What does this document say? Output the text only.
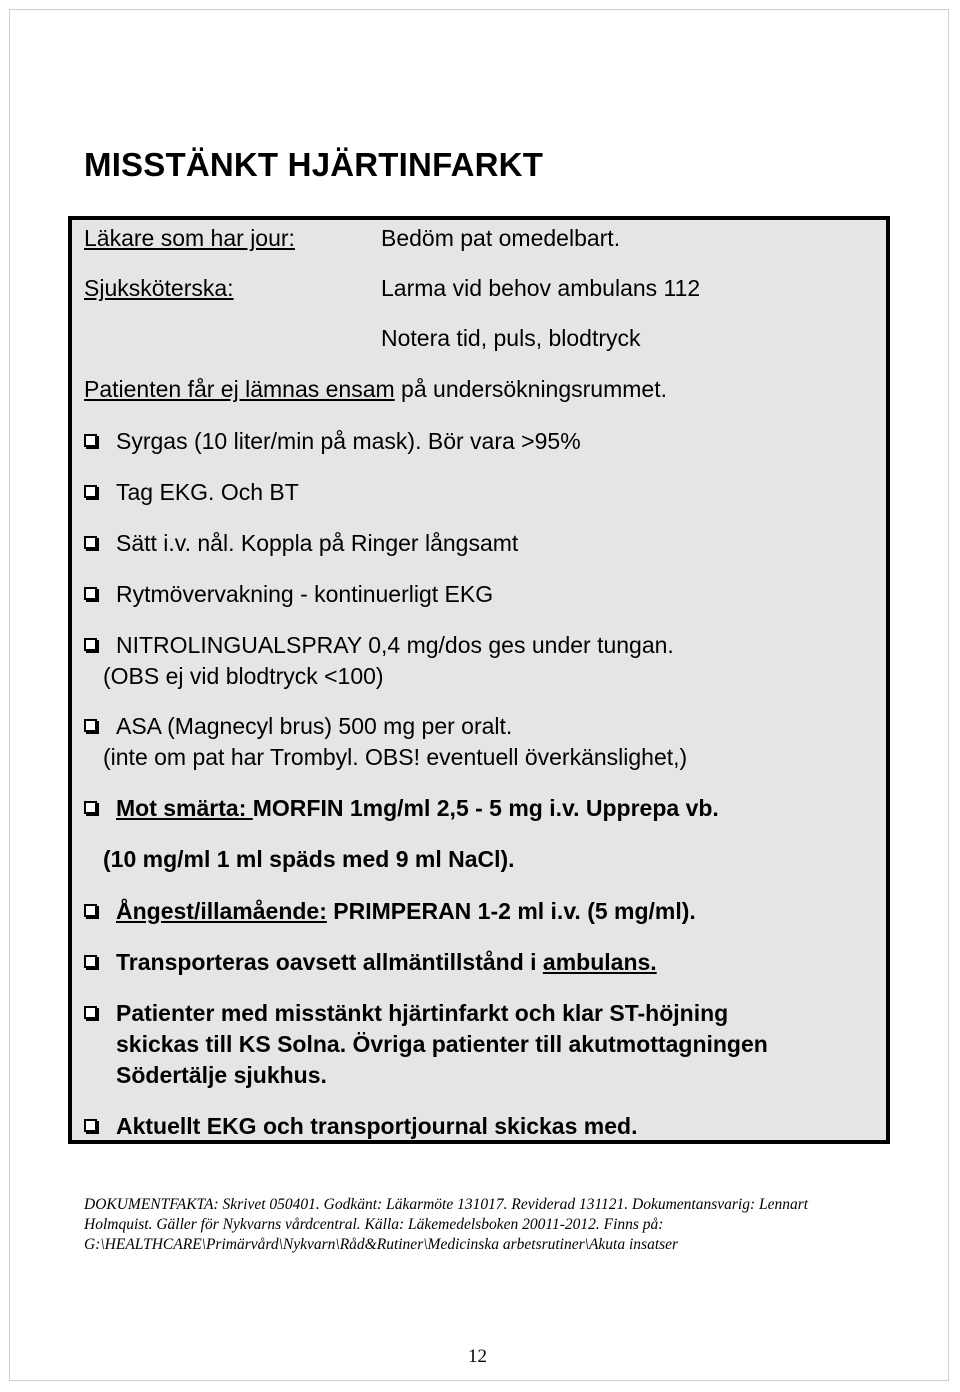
MISSTÄNKT HJÄRTINFARKT
Läkare som har jour:	Bedöm pat omedelbart.
Sjuksköterska:	Larma vid behov ambulans 112
Notera tid, puls, blodtryck
Patienten får ej lämnas ensam på undersökningsrummet.
Syrgas (10 liter/min på mask). Bör vara >95%
Tag EKG. Och BT
Sätt i.v. nål. Koppla på Ringer långsamt
Rytmövervakning - kontinuerligt EKG
NITROLINGUALSPRAY 0,4 mg/dos ges under tungan.
(OBS ej vid blodtryck <100)
ASA (Magnecyl brus) 500 mg per oralt.
(inte om pat har Trombyl. OBS! eventuell överkänslighet,)
Mot smärta: MORFIN 1mg/ml 2,5 - 5 mg i.v. Upprepa vb.
(10 mg/ml 1 ml späds med 9 ml NaCl).
Ångest/illamående: PRIMPERAN 1-2 ml i.v. (5 mg/ml).
Transporteras oavsett allmäntillstånd i ambulans.
Patienter med misstänkt hjärtinfarkt och klar ST-höjning
skickas till KS Solna. Övriga patienter till akutmottagningen
Södertälje sjukhus.
Aktuellt EKG och transportjournal skickas med.
DOKUMENTFAKTA: Skrivet 050401. Godkänt: Läkarmöte 131017. Reviderad 131121. Dokumentansvarig: Lennart
Holmquist. Gäller för Nykvarns vårdcentral. Källa: Läkemedelsboken 20011-2012. Finns på:
G:\HEALTHCARE\Primärvård\Nykvarn\Råd&Rutiner\Medicinska arbetsrutiner\Akuta insatser
12
